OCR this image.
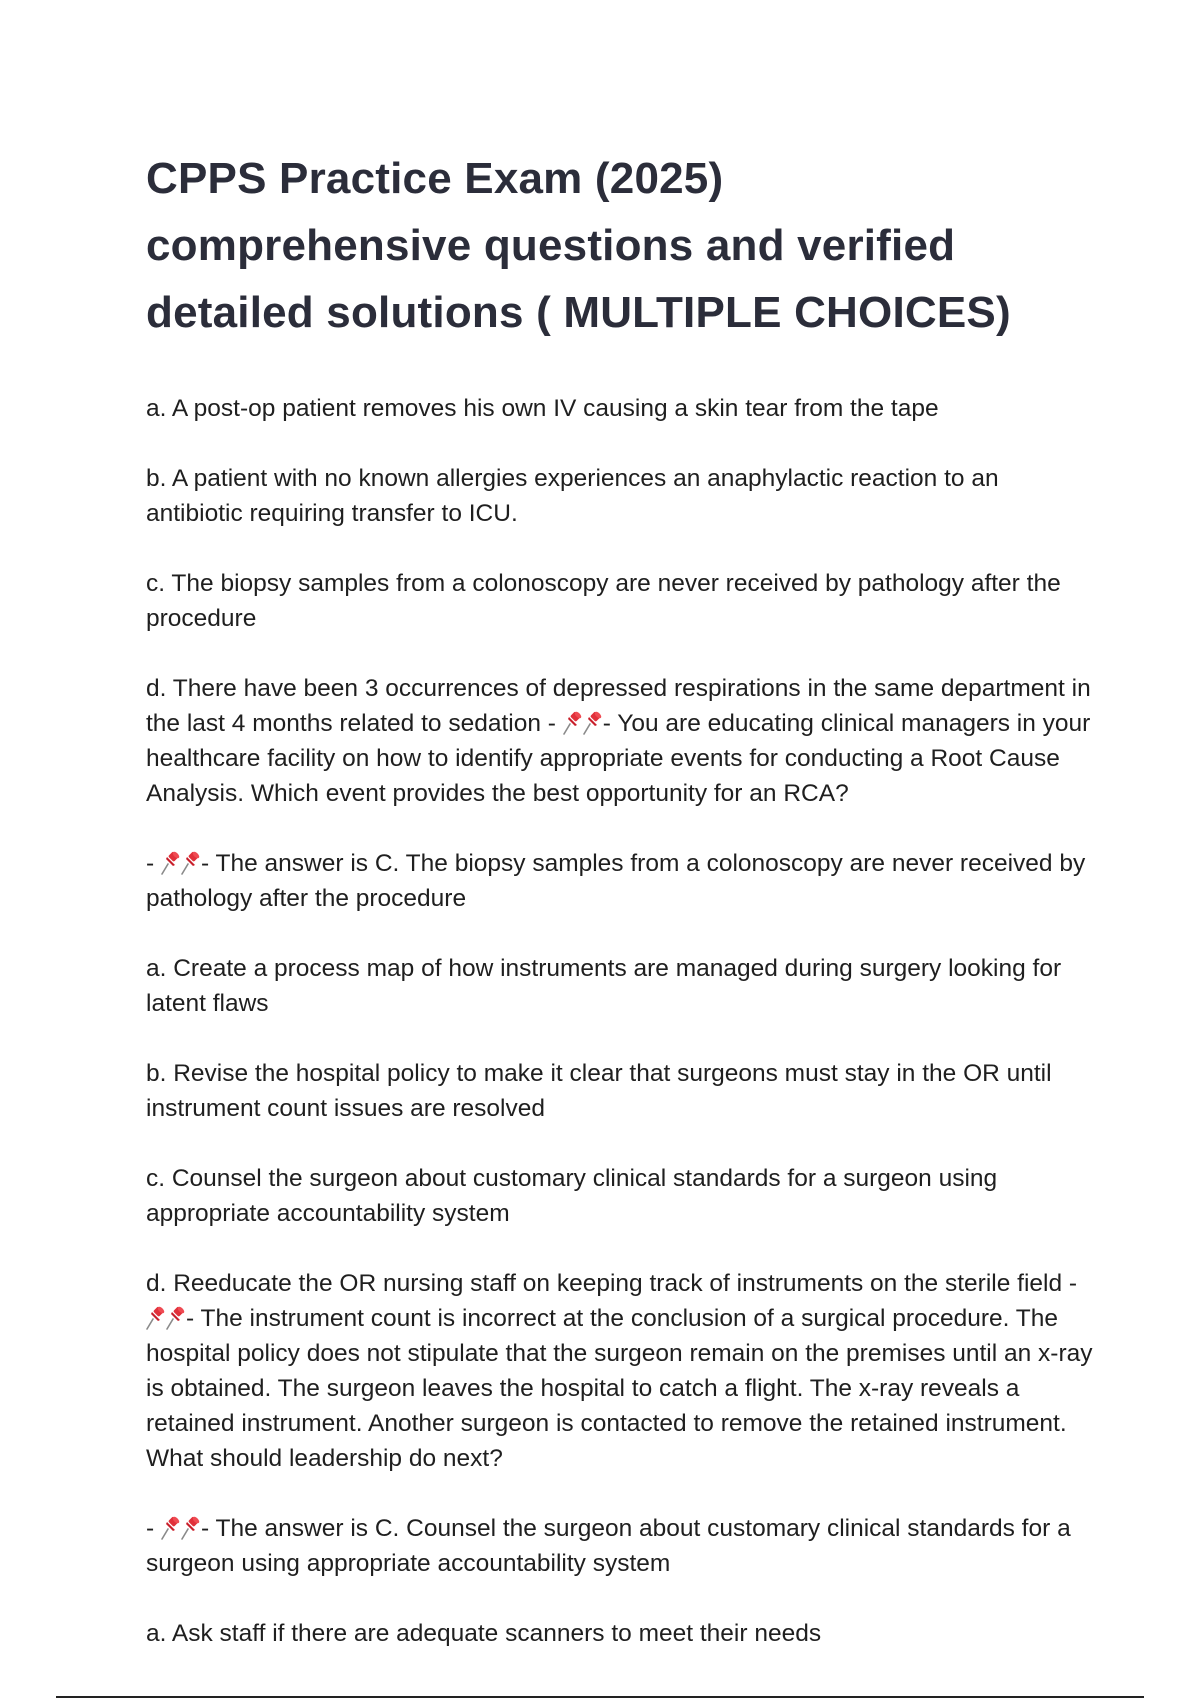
CPPS Practice Exam (2025)
comprehensive questions and verified
detailed solutions ( MULTIPLE CHOICES)

a. A post-op patient removes his own IV causing a skin tear from the tape

b. A patient with no known allergies experiences an anaphylactic reaction to an antibiotic requiring transfer to ICU.

c. The biopsy samples from a colonoscopy are never received by pathology after the procedure

d. There have been 3 occurrences of depressed respirations in the same department in the last 4 months related to sedation - - You are educating clinical managers in your healthcare facility on how to identify appropriate events for conducting a Root Cause Analysis. Which event provides the best opportunity for an RCA?

- - The answer is C. The biopsy samples from a colonoscopy are never received by pathology after the procedure

a. Create a process map of how instruments are managed during surgery looking for latent flaws

b. Revise the hospital policy to make it clear that surgeons must stay in the OR until instrument count issues are resolved

c. Counsel the surgeon about customary clinical standards for a surgeon using appropriate accountability system

d. Reeducate the OR nursing staff on keeping track of instruments on the sterile field - - The instrument count is incorrect at the conclusion of a surgical procedure. The hospital policy does not stipulate that the surgeon remain on the premises until an x-ray is obtained. The surgeon leaves the hospital to catch a flight. The x-ray reveals a retained instrument. Another surgeon is contacted to remove the retained instrument. What should leadership do next?

- - The answer is C. Counsel the surgeon about customary clinical standards for a surgeon using appropriate accountability system

a. Ask staff if there are adequate scanners to meet their needs
